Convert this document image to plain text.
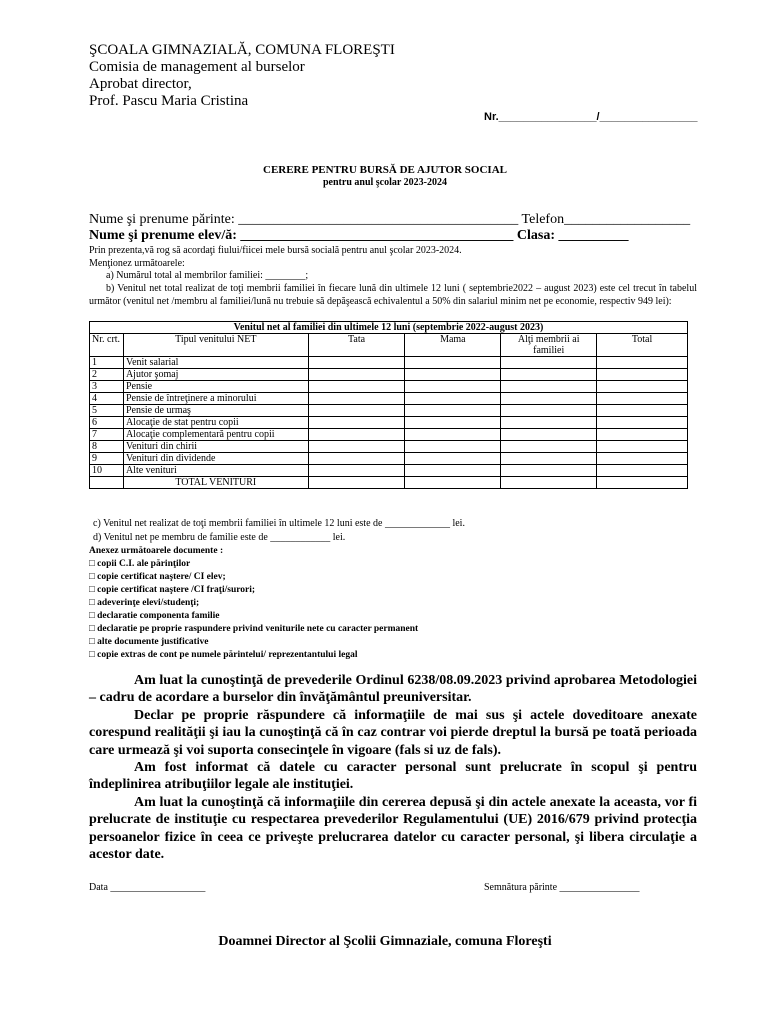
ŞCOALA GIMNAZIALĂ, COMUNA FLOREŞTI
Comisia de management al burselor
Aprobat director,
Prof. Pascu Maria Cristina
Nr.________________/________________
CERERE PENTRU BURSĂ DE AJUTOR SOCIAL
pentru anul şcolar 2023-2024
Nume şi prenume părinte: ________________________________________ Telefon__________________
Nume şi prenume elev/ă: _______________________________________ Clasa: __________
Prin prezenta,vă rog să acordaţi fiului/fiicei mele bursă socială pentru anul şcolar 2023-2024.
Menţionez următoarele:
a) Numărul total al membrilor familiei: ________;
b) Venitul net total realizat de toţi membrii familiei în fiecare lună din ultimele 12 luni ( septembrie2022 – august 2023) este cel trecut în tabelul următor (venitul net /membru al familiei/lună nu trebuie să depăşească echivalentul a 50% din salariul minim net pe economie, respectiv 949 lei):
Venitul net al familiei din ultimele 12 luni (septembrie 2022-august 2023)					
Nr. crt.	Tipul venitului NET	Tata	Mama	Alţi membrii ai familiei	Total
1	Venit salarial				
2	Ajutor şomaj				
3	Pensie				
4	Pensie de întreţinere a minorului				
5	Pensie de urmaş				
6	Alocaţie de stat pentru copii				
7	Alocaţie complementară pentru copii				
8	Venituri din chirii				
9	Venituri din dividende				
10	Alte venituri				
	TOTAL VENITURI				
c) Venitul net realizat de toţi membrii familiei în ultimele 12 luni este de _____________ lei.
d) Venitul net pe membru de familie este de ____________ lei.
Anexez următoarele documente :
□ copii C.I. ale părinţilor
□ copie certificat naştere/ CI elev;
□ copie certificat naştere /CI fraţi/surori;
□ adeverinţe elevi/studenţi;
□ declaratie componenta familie
□ declaratie pe proprie raspundere privind veniturile nete cu caracter permanent
□ alte documente justificative
□ copie extras de cont pe numele părintelui/ reprezentantului legal

Am luat la cunoştinţă de prevederile Ordinul 6238/08.09.2023 privind aprobarea Metodologiei – cadru de acordare a burselor din învăţământul preuniversitar.

Declar pe proprie răspundere că informaţiile de mai sus şi actele doveditoare anexate corespund realităţii şi iau la cunoştinţă că în caz contrar voi pierde dreptul la bursă pe toată perioada care urmează şi voi suporta consecinţele în vigoare (fals si uz de fals).

Am fost informat că datele cu caracter personal sunt prelucrate în scopul şi pentru îndeplinirea atribuţiilor legale ale instituţiei.

Am luat la cunoştinţă că informaţiile din cererea depusă şi din actele anexate la aceasta, vor fi prelucrate de instituţie cu respectarea prevederilor Regulamentului (UE) 2016/679 privind protecţia persoanelor fizice în ceea ce priveşte prelucrarea datelor cu caracter personal, şi libera circulaţie a acestor date.

Data ___________________	Semnătura părinte ________________
Doamnei Director al Şcolii Gimnaziale, comuna Floreşti
